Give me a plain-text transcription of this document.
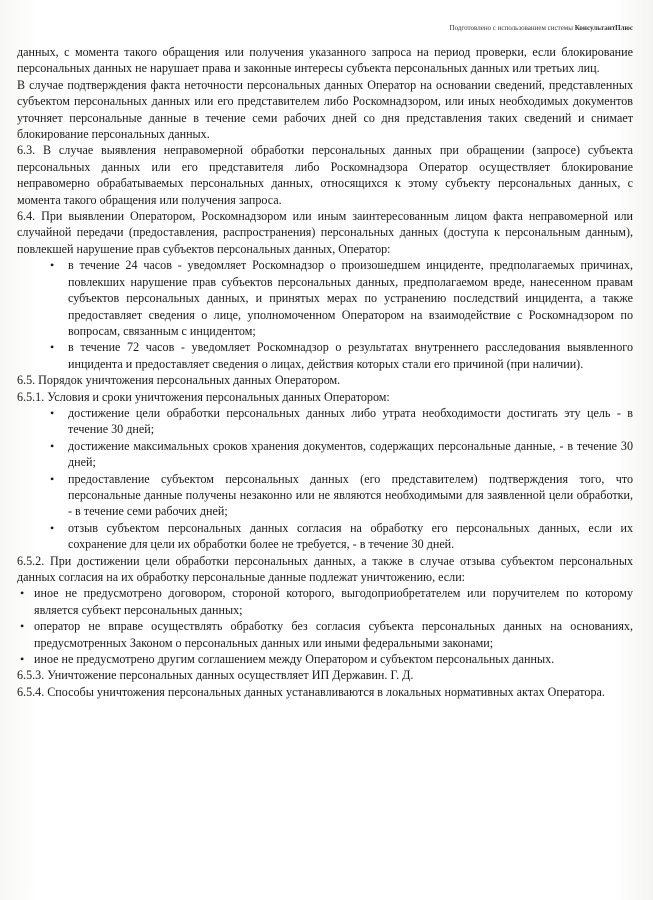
Подготовлено с использованием системы КонсультантПлюс

данных, с момента такого обращения или получения указанного запроса на период проверки, если блокирование персональных данных не нарушает права и законные интересы субъекта персональных данных или третьих лиц.

В случае подтверждения факта неточности персональных данных Оператор на основании сведений, представленных субъектом персональных данных или его представителем либо Роскомнадзором, или иных необходимых документов уточняет персональные данные в течение семи рабочих дней со дня представления таких сведений и снимает блокирование персональных данных.

6.3. В случае выявления неправомерной обработки персональных данных при обращении (запросе) субъекта персональных данных или его представителя либо Роскомнадзора Оператор осуществляет блокирование неправомерно обрабатываемых персональных данных, относящихся к этому субъекту персональных данных, с момента такого обращения или получения запроса.

6.4. При выявлении Оператором, Роскомнадзором или иным заинтересованным лицом факта неправомерной или случайной передачи (предоставления, распространения) персональных данных (доступа к персональным данным), повлекшей нарушение прав субъектов персональных данных, Оператор:

• в течение 24 часов - уведомляет Роскомнадзор о произошедшем инциденте, предполагаемых причинах, повлекших нарушение прав субъектов персональных данных, предполагаемом вреде, нанесенном правам субъектов персональных данных, и принятых мерах по устранению последствий инцидента, а также предоставляет сведения о лице, уполномоченном Оператором на взаимодействие с Роскомнадзором по вопросам, связанным с инцидентом;
• в течение 72 часов - уведомляет Роскомнадзор о результатах внутреннего расследования выявленного инцидента и предоставляет сведения о лицах, действия которых стали его причиной (при наличии).

6.5. Порядок уничтожения персональных данных Оператором.

6.5.1. Условия и сроки уничтожения персональных данных Оператором:

• достижение цели обработки персональных данных либо утрата необходимости достигать эту цель - в течение 30 дней;
• достижение максимальных сроков хранения документов, содержащих персональные данные, - в течение 30 дней;
• предоставление субъектом персональных данных (его представителем) подтверждения того, что персональные данные получены незаконно или не являются необходимыми для заявленной цели обработки, - в течение семи рабочих дней;
• отзыв субъектом персональных данных согласия на обработку его персональных данных, если их сохранение для цели их обработки более не требуется, - в течение 30 дней.

6.5.2. При достижении цели обработки персональных данных, а также в случае отзыва субъектом персональных данных согласия на их обработку персональные данные подлежат уничтожению, если:

• иное не предусмотрено договором, стороной которого, выгодоприобретателем или поручителем по которому является субъект персональных данных;
• оператор не вправе осуществлять обработку без согласия субъекта персональных данных на основаниях, предусмотренных Законом о персональных данных или иными федеральными законами;
• иное не предусмотрено другим соглашением между Оператором и субъектом персональных данных.

6.5.3. Уничтожение персональных данных осуществляет ИП Державин. Г. Д.

6.5.4. Способы уничтожения персональных данных устанавливаются в локальных нормативных актах Оператора.
